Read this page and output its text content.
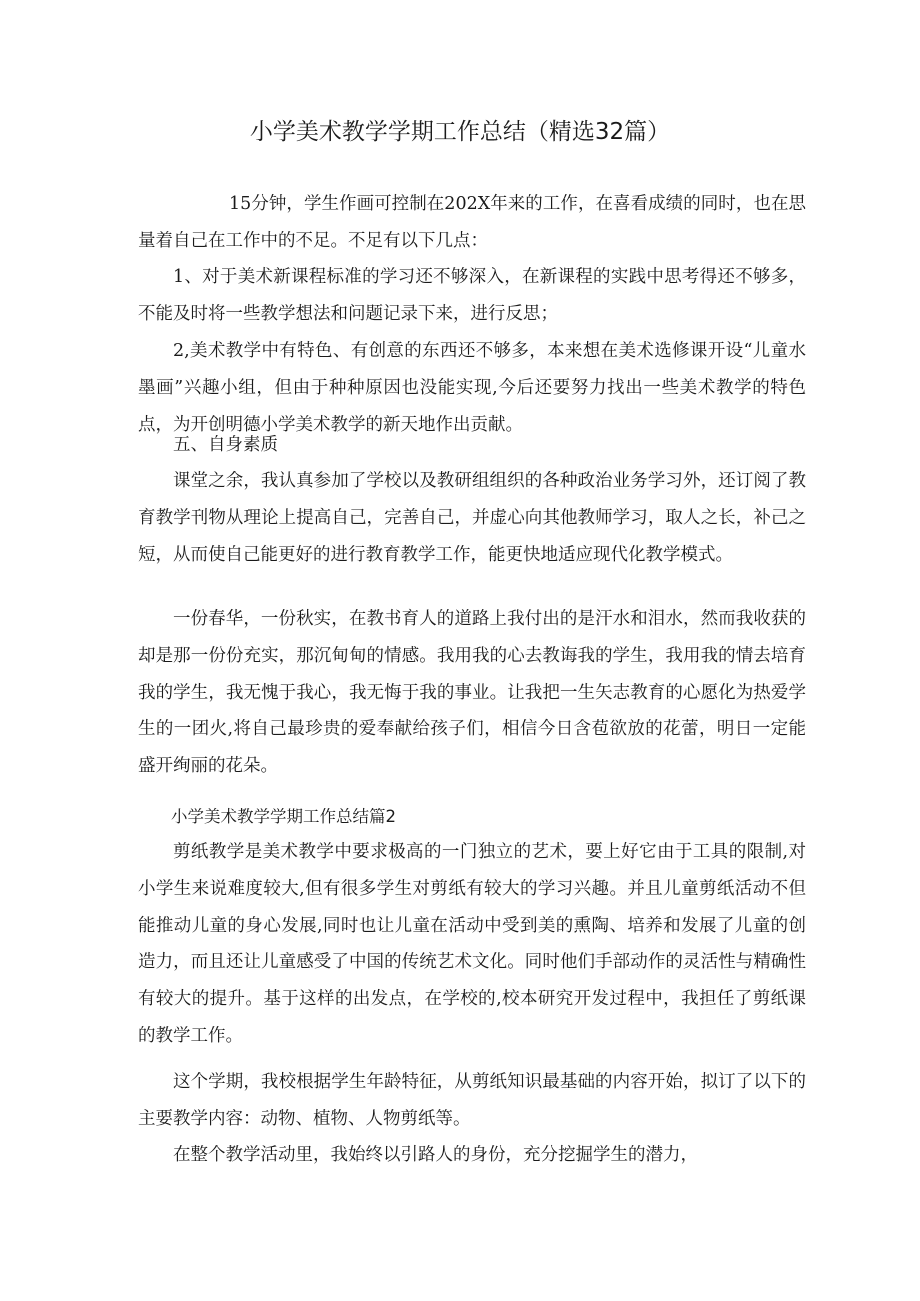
小学美术教学学期工作总结（精选32篇）

15分钟，学生作画可控制在202X年来的工作，在喜看成绩的同时，也在思量着自己在工作中的不足。不足有以下几点：

1、对于美术新课程标准的学习还不够深入，在新课程的实践中思考得还不够多，不能及时将一些教学想法和问题记录下来，进行反思；

2,美术教学中有特色、有创意的东西还不够多，本来想在美术选修课开设“儿童水墨画”兴趣小组，但由于种种原因也没能实现,今后还要努力找出一些美术教学的特色点，为开创明德小学美术教学的新天地作出贡献。

五、自身素质

课堂之余，我认真参加了学校以及教研组组织的各种政治业务学习外，还订阅了教育教学刊物从理论上提高自己，完善自己，并虚心向其他教师学习，取人之长，补己之短，从而使自己能更好的进行教育教学工作，能更快地适应现代化教学模式。

一份春华，一份秋实，在教书育人的道路上我付出的是汗水和泪水，然而我收获的却是那一份份充实，那沉甸甸的情感。我用我的心去教诲我的学生，我用我的情去培育我的学生，我无愧于我心，我无悔于我的事业。让我把一生矢志教育的心愿化为热爱学生的一团火,将自己最珍贵的爱奉献给孩子们，相信今日含苞欲放的花蕾，明日一定能盛开绚丽的花朵。

小学美术教学学期工作总结篇2

剪纸教学是美术教学中要求极高的一门独立的艺术，要上好它由于工具的限制,对小学生来说难度较大,但有很多学生对剪纸有较大的学习兴趣。并且儿童剪纸活动不但能推动儿童的身心发展,同时也让儿童在活动中受到美的熏陶、培养和发展了儿童的创造力，而且还让儿童感受了中国的传统艺术文化。同时他们手部动作的灵活性与精确性有较大的提升。基于这样的出发点，在学校的,校本研究开发过程中，我担任了剪纸课的教学工作。

这个学期，我校根据学生年龄特征，从剪纸知识最基础的内容开始，拟订了以下的主要教学内容：动物、植物、人物剪纸等。

在整个教学活动里，我始终以引路人的身份，充分挖掘学生的潜力，
